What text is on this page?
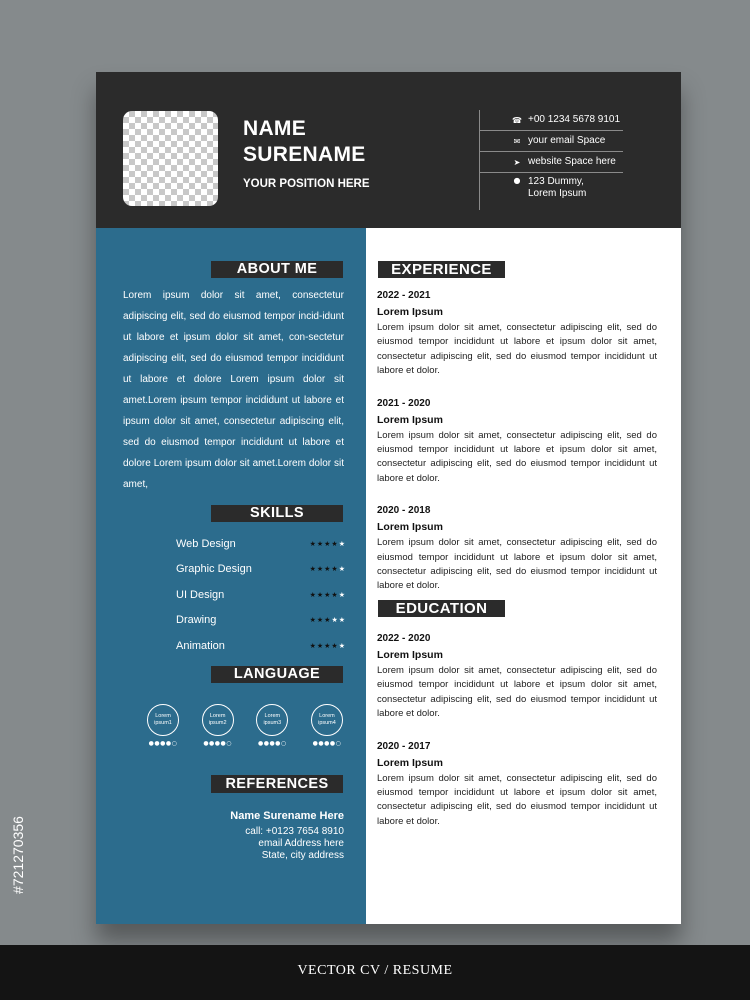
NAME
SURENAME
YOUR POSITION HERE
☎ +00 1234 5678 9101
✉ your email Space
➤ website Space here
● 123 Dummy,
Lorem Ipsum
ABOUT ME
Lorem ipsum dolor sit amet, consectetur adipiscing elit, sed do eiusmod tempor incid-idunt ut labore et ipsum dolor sit amet, con-sectetur adipiscing elit, sed do eiusmod tempor incididunt ut labore et dolore Lorem ipsum dolor sit amet.Lorem ipsum tempor incididunt ut labore et ipsum dolor sit amet, consectetur adipiscing elit, sed do eiusmod tempor incididunt ut labore et dolore Lorem ipsum dolor sit amet.Lorem dolor sit amet,
SKILLS
Web Design	★★★★★
Graphic Design	★★★★★
UI Design	★★★★★
Drawing	★★★★★
Animation	★★★★★
LANGUAGE
Lorem
ipsum1
●●●●○
Lorem
ipsum2
●●●●○
Lorem
ipsum3
●●●●○
Lorem
ipsum4
●●●●○
REFERENCES
Name Surename Here
call: +0123 7654 8910
email Address here
State, city address
EXPERIENCE
2022 - 2021
Lorem Ipsum
Lorem ipsum dolor sit amet, consectetur adipiscing elit, sed do eiusmod tempor incididunt ut labore et ipsum dolor sit amet, consectetur adipiscing elit, sed do eiusmod tempor incididunt ut labore et dolor.
2021 - 2020
Lorem Ipsum
Lorem ipsum dolor sit amet, consectetur adipiscing elit, sed do eiusmod tempor incididunt ut labore et ipsum dolor sit amet, consectetur adipiscing elit, sed do eiusmod tempor incididunt ut labore et dolor.
2020 - 2018
Lorem Ipsum
Lorem ipsum dolor sit amet, consectetur adipiscing elit, sed do eiusmod tempor incididunt ut labore et ipsum dolor sit amet, consectetur adipiscing elit, sed do eiusmod tempor incididunt ut labore et dolor.
EDUCATION
2022 - 2020
Lorem Ipsum
Lorem ipsum dolor sit amet, consectetur adipiscing elit, sed do eiusmod tempor incididunt ut labore et ipsum dolor sit amet, consectetur adipiscing elit, sed do eiusmod tempor incididunt ut labore et dolor.
2020 - 2017
Lorem Ipsum
Lorem ipsum dolor sit amet, consectetur adipiscing elit, sed do eiusmod tempor incididunt ut labore et ipsum dolor sit amet, consectetur adipiscing elit, sed do eiusmod tempor incididunt ut labore et dolor.
#721270356
VECTOR CV / RESUME
